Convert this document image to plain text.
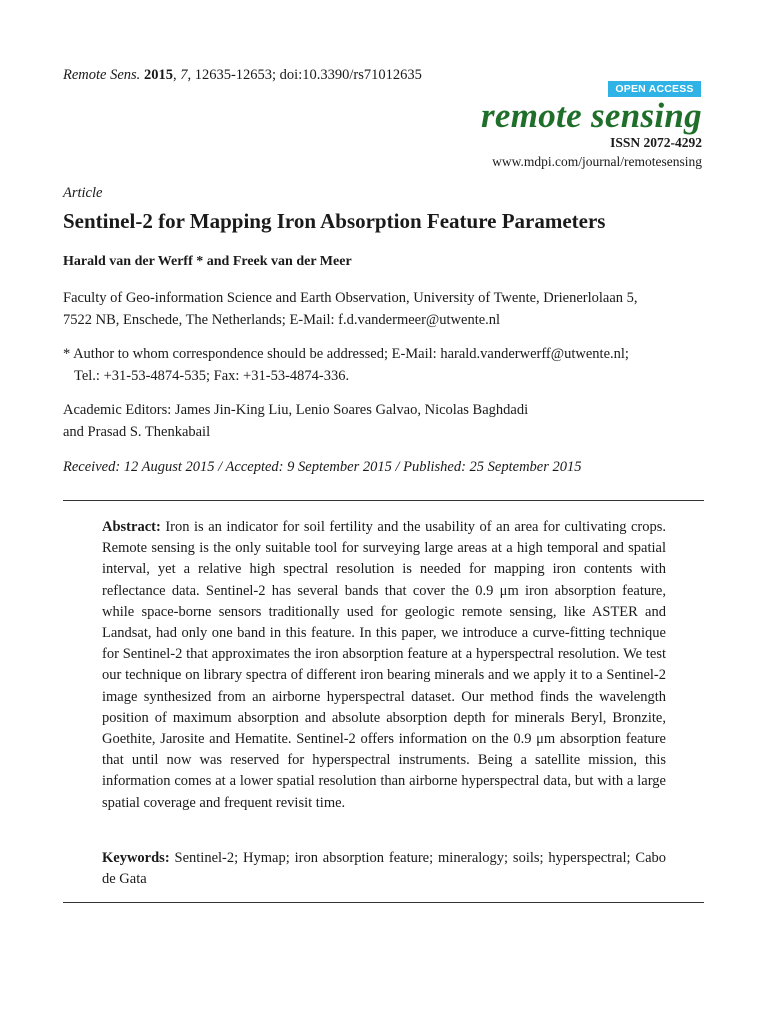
Remote Sens. 2015, 7, 12635-12653; doi:10.3390/rs71012635
OPEN ACCESS
remote sensing
ISSN 2072-4292
www.mdpi.com/journal/remotesensing
Article
Sentinel-2 for Mapping Iron Absorption Feature Parameters
Harald van der Werff * and Freek van der Meer
Faculty of Geo-information Science and Earth Observation, University of Twente, Drienerlolaan 5,
7522 NB, Enschede, The Netherlands; E-Mail: f.d.vandermeer@utwente.nl
* Author to whom correspondence should be addressed; E-Mail: harald.vanderwerff@utwente.nl;
Tel.: +31-53-4874-535; Fax: +31-53-4874-336.
Academic Editors: James Jin-King Liu, Lenio Soares Galvao, Nicolas Baghdadi
and Prasad S. Thenkabail
Received: 12 August 2015 / Accepted: 9 September 2015 / Published: 25 September 2015
Abstract: Iron is an indicator for soil fertility and the usability of an area for cultivating crops. Remote sensing is the only suitable tool for surveying large areas at a high temporal and spatial interval, yet a relative high spectral resolution is needed for mapping iron contents with reflectance data. Sentinel-2 has several bands that cover the 0.9 μm iron absorption feature, while space-borne sensors traditionally used for geologic remote sensing, like ASTER and Landsat, had only one band in this feature. In this paper, we introduce a curve-fitting technique for Sentinel-2 that approximates the iron absorption feature at a hyperspectral resolution. We test our technique on library spectra of different iron bearing minerals and we apply it to a Sentinel-2 image synthesized from an airborne hyperspectral dataset. Our method finds the wavelength position of maximum absorption and absolute absorption depth for minerals Beryl, Bronzite, Goethite, Jarosite and Hematite. Sentinel-2 offers information on the 0.9 μm absorption feature that until now was reserved for hyperspectral instruments. Being a satellite mission, this information comes at a lower spatial resolution than airborne hyperspectral data, but with a large spatial coverage and frequent revisit time.
Keywords: Sentinel-2; Hymap; iron absorption feature; mineralogy; soils; hyperspectral; Cabo de Gata
